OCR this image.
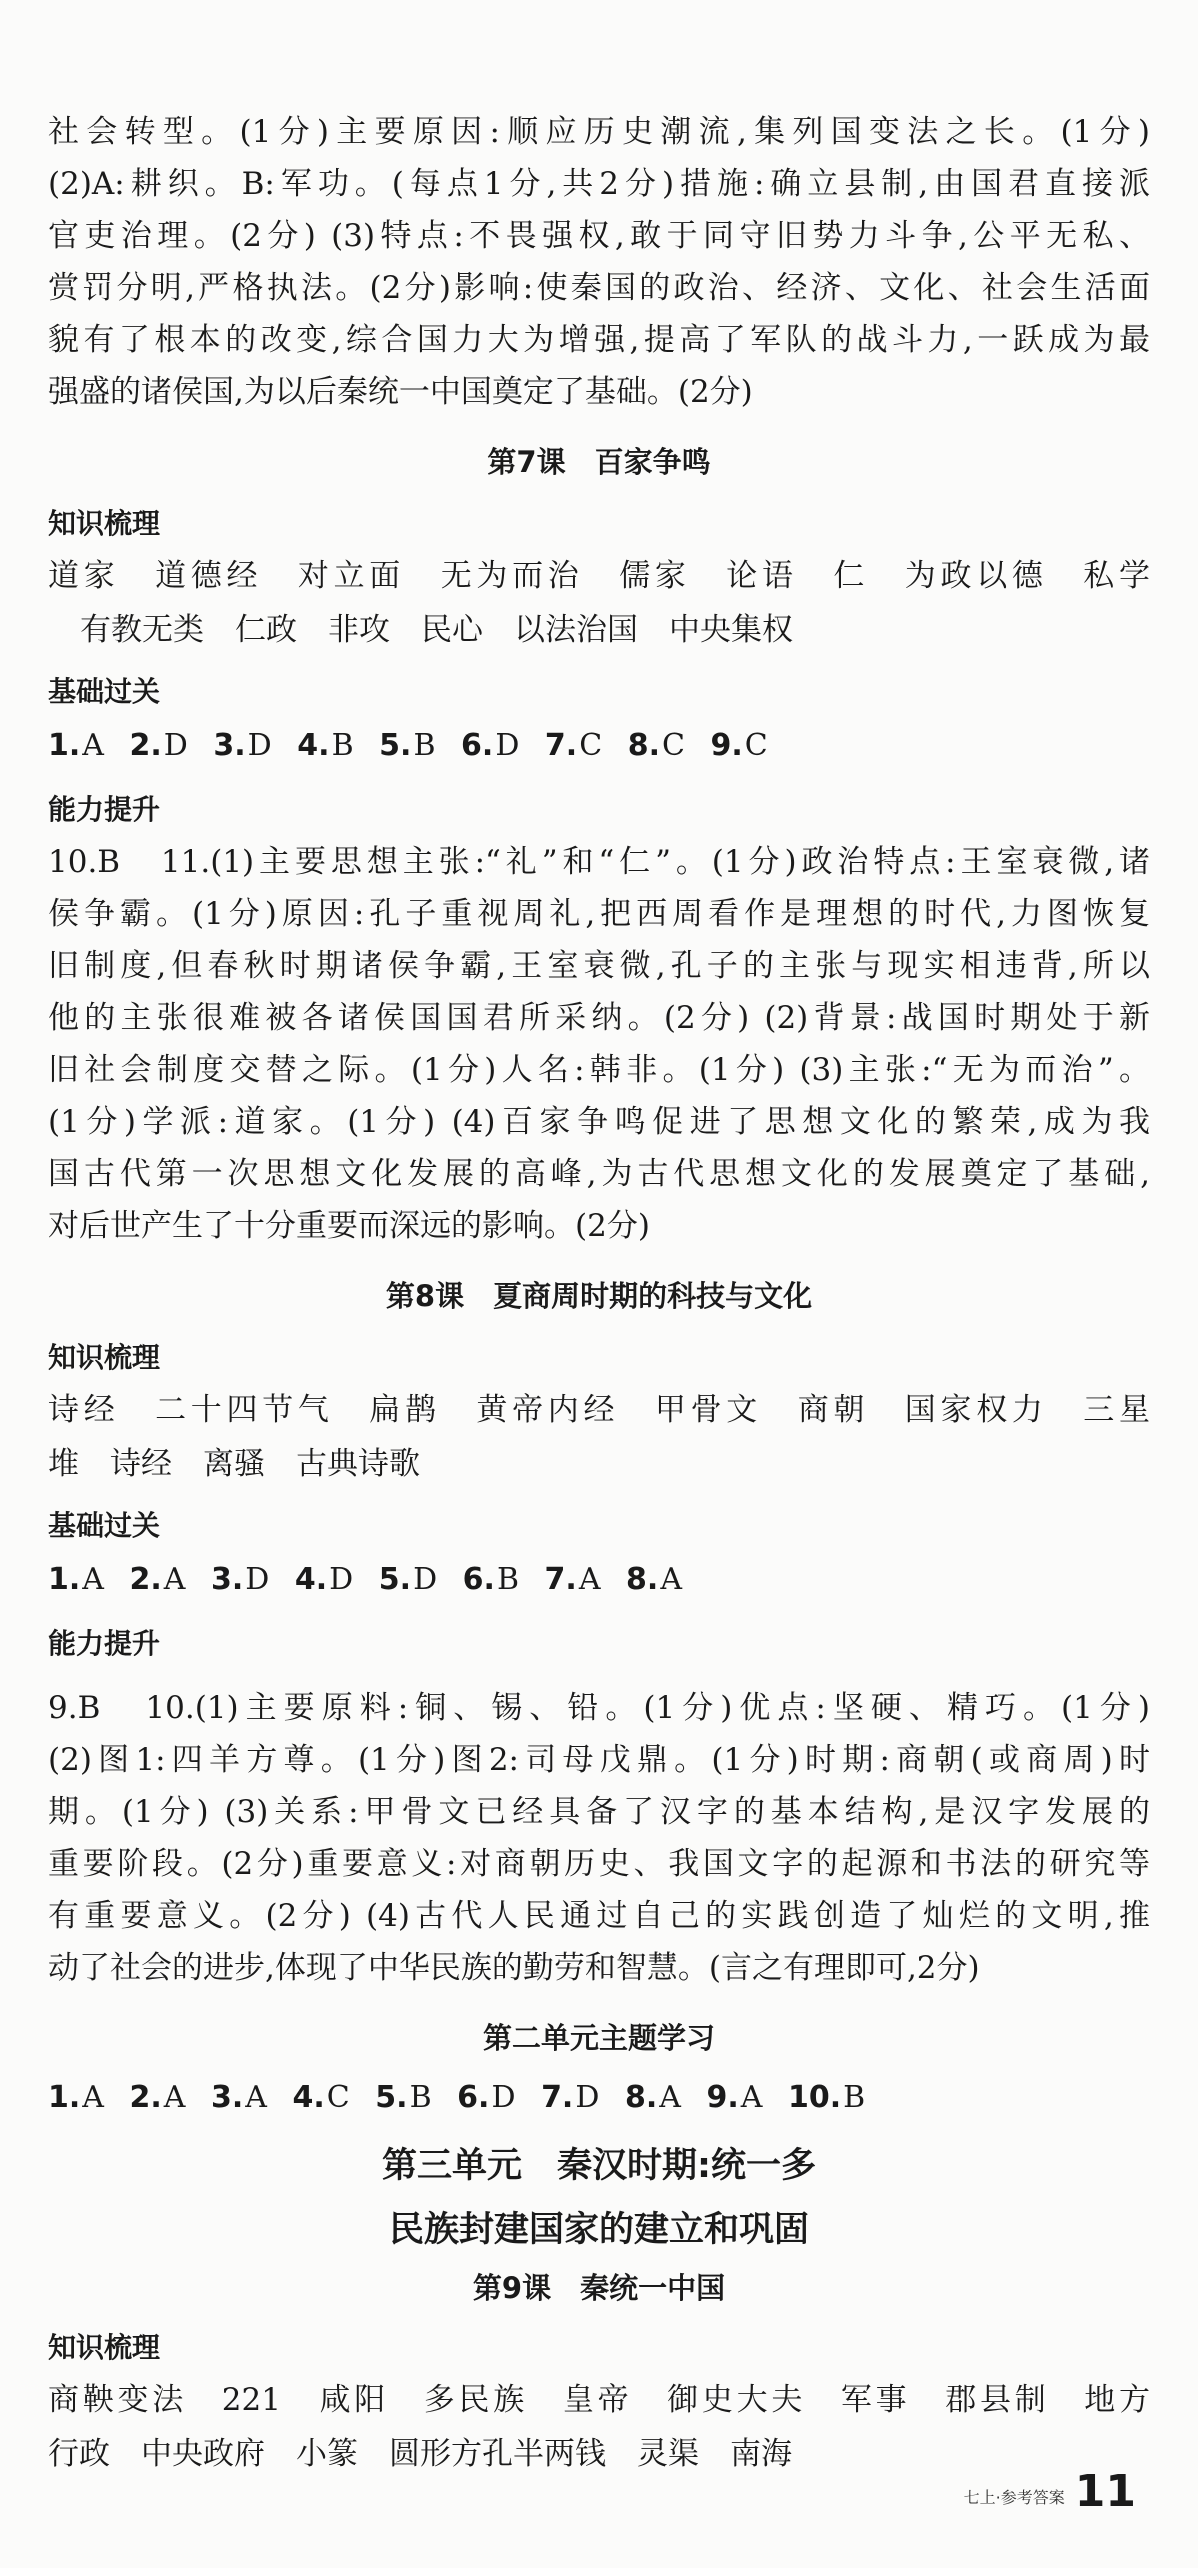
社会转型。(1分)主要原因:顺应历史潮流,集列国变法之长。(1分)
(2)A:耕织。B:军功。(每点1分,共2分)措施:确立县制,由国君直接派
官吏治理。(2分) (3)特点:不畏强权,敢于同守旧势力斗争,公平无私、
赏罚分明,严格执法。(2分)影响:使秦国的政治、经济、文化、社会生活面
貌有了根本的改变,综合国力大为增强,提高了军队的战斗力,一跃成为最
强盛的诸侯国,为以后秦统一中国奠定了基础。(2分)
第7课　百家争鸣
知识梳理
道家　道德经　对立面　无为而治　儒家　论语　仁　为政以德　私学
有教无类　仁政　非攻　民心　以法治国　中央集权
基础过关
1.A 2.D 3.D 4.B 5.B 6.D 7.C 8.C 9.C
能力提升
10.B　11.(1)主要思想主张:“礼”和“仁”。(1分)政治特点:王室衰微,诸
侯争霸。(1分)原因:孔子重视周礼,把西周看作是理想的时代,力图恢复
旧制度,但春秋时期诸侯争霸,王室衰微,孔子的主张与现实相违背,所以
他的主张很难被各诸侯国国君所采纳。(2分) (2)背景:战国时期处于新
旧社会制度交替之际。(1分)人名:韩非。(1分) (3)主张:“无为而治”。
(1分)学派:道家。(1分) (4)百家争鸣促进了思想文化的繁荣,成为我
国古代第一次思想文化发展的高峰,为古代思想文化的发展奠定了基础,
对后世产生了十分重要而深远的影响。(2分)
第8课　夏商周时期的科技与文化
知识梳理
诗经　二十四节气　扁鹊　黄帝内经　甲骨文　商朝　国家权力　三星
堆　诗经　离骚　古典诗歌
基础过关
1.A 2.A 3.D 4.D 5.D 6.B 7.A 8.A
能力提升
9.B　10.(1)主要原料:铜、锡、铅。(1分)优点:坚硬、精巧。(1分)
(2)图1:四羊方尊。(1分)图2:司母戊鼎。(1分)时期:商朝(或商周)时
期。(1分) (3)关系:甲骨文已经具备了汉字的基本结构,是汉字发展的
重要阶段。(2分)重要意义:对商朝历史、我国文字的起源和书法的研究等
有重要意义。(2分) (4)古代人民通过自己的实践创造了灿烂的文明,推
动了社会的进步,体现了中华民族的勤劳和智慧。(言之有理即可,2分)
第二单元主题学习
1.A 2.A 3.A 4.C 5.B 6.D 7.D 8.A 9.A 10.B
第三单元　秦汉时期:统一多
民族封建国家的建立和巩固
第9课　秦统一中国
知识梳理
商鞅变法　221　咸阳　多民族　皇帝　御史大夫　军事　郡县制　地方
行政　中央政府　小篆　圆形方孔半两钱　灵渠　南海
七上·参考答案 11
